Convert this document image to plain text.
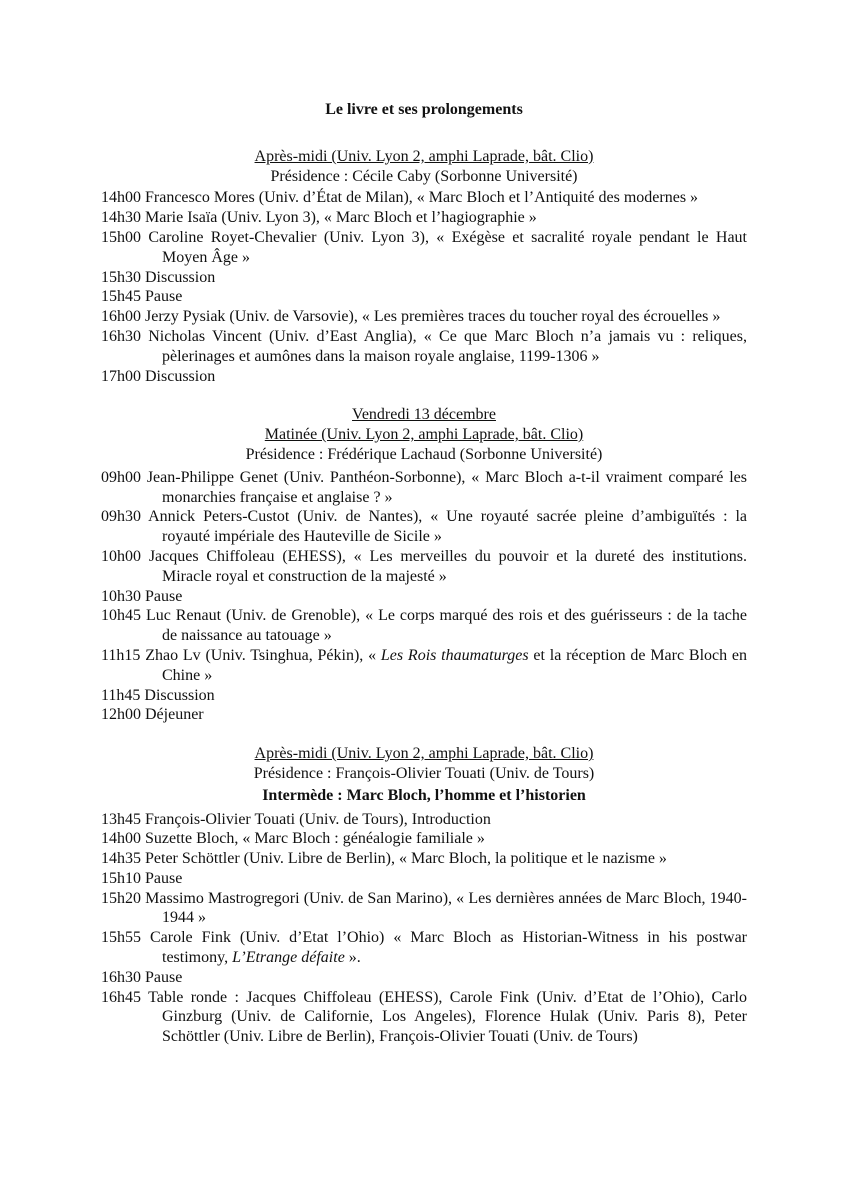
Le livre et ses prolongements
Après-midi (Univ. Lyon 2, amphi Laprade, bât. Clio)
Présidence : Cécile Caby (Sorbonne Université)
14h00 Francesco Mores (Univ. d’État de Milan), « Marc Bloch et l’Antiquité des modernes »
14h30 Marie Isaïa (Univ. Lyon 3), « Marc Bloch et l’hagiographie »
15h00 Caroline Royet-Chevalier (Univ. Lyon 3), « Exégèse et sacralité royale pendant le Haut Moyen Âge »
15h30 Discussion
15h45 Pause
16h00 Jerzy Pysiak (Univ. de Varsovie), « Les premières traces du toucher royal des écrouelles »
16h30 Nicholas Vincent (Univ. d’East Anglia), « Ce que Marc Bloch n’a jamais vu : reliques, pèlerinages et aumônes dans la maison royale anglaise, 1199-1306 »
17h00 Discussion
Vendredi 13 décembre
Matinée (Univ. Lyon 2, amphi Laprade, bât. Clio)
Présidence : Frédérique Lachaud (Sorbonne Université)
09h00 Jean-Philippe Genet (Univ. Panthéon-Sorbonne), « Marc Bloch a-t-il vraiment comparé les monarchies française et anglaise ? »
09h30 Annick Peters-Custot (Univ. de Nantes), « Une royauté sacrée pleine d’ambiguïtés : la royauté impériale des Hauteville de Sicile »
10h00 Jacques Chiffoleau (EHESS), « Les merveilles du pouvoir et la dureté des institutions. Miracle royal et construction de la majesté »
10h30 Pause
10h45 Luc Renaut (Univ. de Grenoble), « Le corps marqué des rois et des guérisseurs : de la tache de naissance au tatouage »
11h15 Zhao Lv (Univ. Tsinghua, Pékin), « Les Rois thaumaturges et la réception de Marc Bloch en Chine »
11h45 Discussion
12h00 Déjeuner
Après-midi (Univ. Lyon 2, amphi Laprade, bât. Clio)
Présidence : François-Olivier Touati (Univ. de Tours)
Intermède : Marc Bloch, l’homme et l’historien
13h45 François-Olivier Touati (Univ. de Tours), Introduction
14h00 Suzette Bloch, « Marc Bloch : généalogie familiale »
14h35 Peter Schöttler (Univ. Libre de Berlin), « Marc Bloch, la politique et le nazisme »
15h10 Pause
15h20 Massimo Mastrogregori (Univ. de San Marino), « Les dernières années de Marc Bloch, 1940-1944 »
15h55 Carole Fink (Univ. d’Etat l’Ohio) « Marc Bloch as Historian-Witness in his postwar testimony, L’Etrange défaite ».
16h30 Pause
16h45 Table ronde : Jacques Chiffoleau (EHESS), Carole Fink (Univ. d’Etat de l’Ohio), Carlo Ginzburg (Univ. de Californie, Los Angeles), Florence Hulak (Univ. Paris 8), Peter Schöttler (Univ. Libre de Berlin), François-Olivier Touati (Univ. de Tours)
